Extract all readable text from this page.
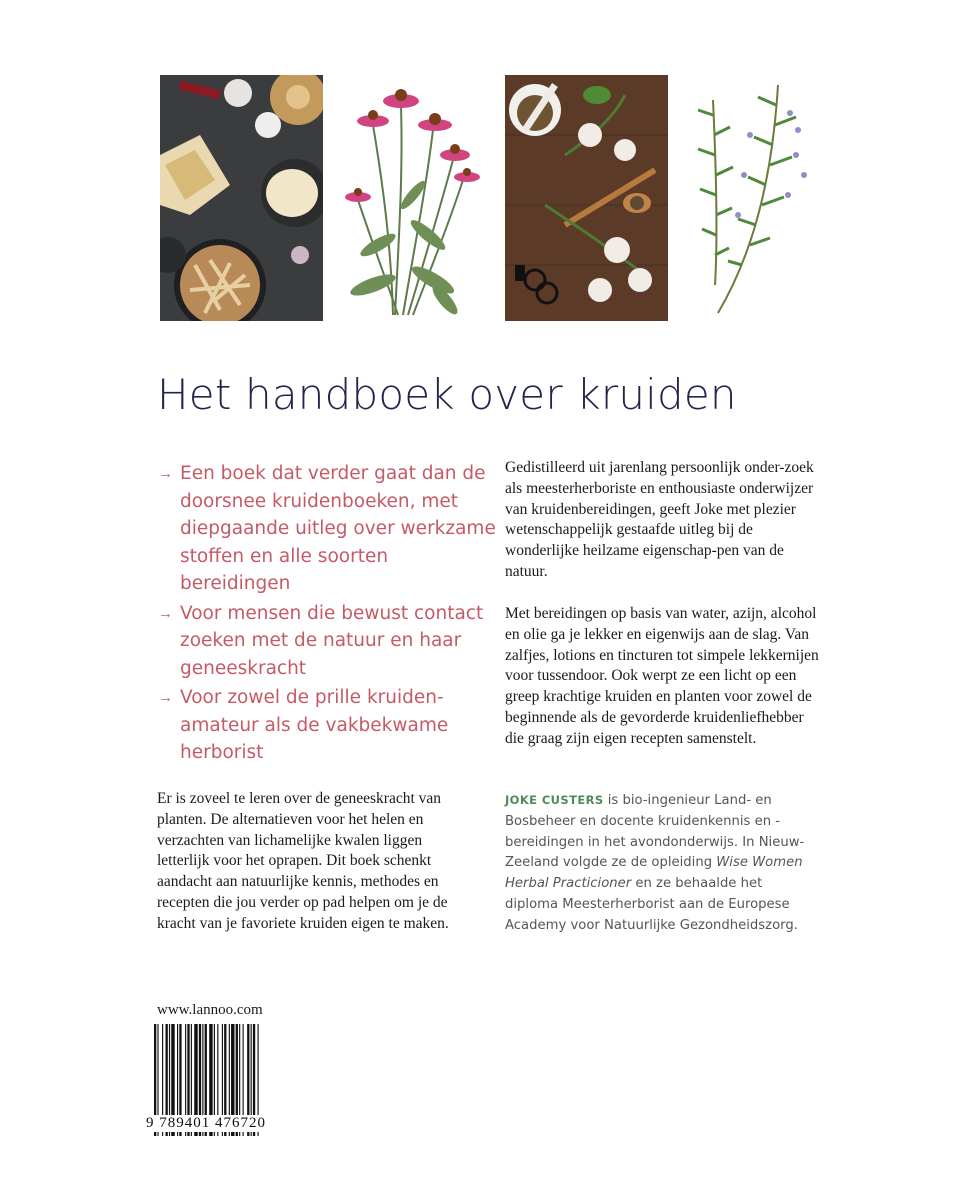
Het handboek over kruiden
→ Een boek dat verder gaat dan de doorsnee kruidenboeken, met diepgaande uitleg over werkzame stoffen en alle soorten bereidingen
→ Voor mensen die bewust contact zoeken met de natuur en haar geneeskracht
→ Voor zowel de prille kruiden-amateur als de vakbekwame herborist
Gedistilleerd uit jarenlang persoonlijk onder-zoek als meesterherboriste en enthousiaste onderwijzer van kruidenbereidingen, geeft Joke met plezier wetenschappelijk gestaafde uitleg bij de wonderlijke heilzame eigenschap-pen van de natuur.
Met bereidingen op basis van water, azijn, alcohol en olie ga je lekker en eigenwijs aan de slag. Van zalfjes, lotions en tincturen tot simpele lekkernijen voor tussendoor. Ook werpt ze een licht op een greep krachtige kruiden en planten voor zowel de beginnende als de gevorderde kruidenliefhebber die graag zijn eigen recepten samenstelt.
Er is zoveel te leren over de geneeskracht van planten. De alternatieven voor het helen en verzachten van lichamelijke kwalen liggen letterlijk voor het oprapen. Dit boek schenkt aandacht aan natuurlijke kennis, methodes en recepten die jou verder op pad helpen om je de kracht van je favoriete kruiden eigen te maken.
JOKE CUSTERS is bio-ingenieur Land- en Bosbeheer en docente kruidenkennis en -bereidingen in het avondonderwijs. In Nieuw-Zeeland volgde ze de opleiding Wise Women Herbal Practicioner en ze behaalde het diploma Meesterherborist aan de Europese Academy voor Natuurlijke Gezondheidszorg.
www.lannoo.com
9 789401 476720
